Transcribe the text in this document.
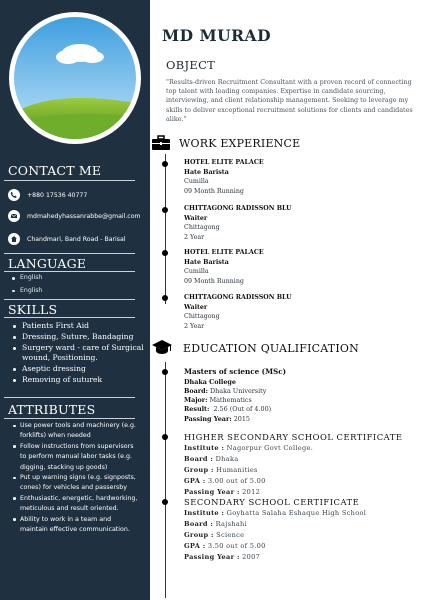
CONTACT ME
+880 17536 40777
mdmahedyhassanrabbe@gmail.com
Chandmari, Band Road - Barisal
LANGUAGE
English
English
SKILLS
Patients First Aid
Dressing, Suture, Bandaging
Surgery ward - care of Surgical wound, Positioning.
Aseptic dressing
Removing of suturek
ATTRIBUTES
Use power tools and machinery (e.g. forklifts) when needed
Follow instructions from supervisors to perform manual labor tasks (e.g. digging, stacking up goods)
Put up warning signs (e.g. signposts, cones) for vehicles and passersby
Enthusiastic, energetic, hardworking, meticulous and result oriented.
Ability to work in a team and maintain effective communication.
MD MURAD
OBJECT
"Results-driven Recruitment Consultant with a proven record of connecting top talent with leading companies. Expertise in candidate sourcing, interviewing, and client relationship management. Seeking to leverage my skills to deliver exceptional recruitment solutions for clients and candidates alike."
WORK EXPERIENCE
HOTEL ELITE PALACE
Hate Barista
Cumilla
09 Month Running
CHITTAGONG RADISSON BLU
Waiter
Chittagong
2 Year
HOTEL ELITE PALACE
Hate Barista
Cumilla
09 Month Running
CHITTAGONG RADISSON BLU
Waiter
Chittagong
2 Year
EDUCATION QUALIFICATION
Masters of science (MSc)
Dhaka College
Board: Dhaka University
Major: Mathematics
Result: 2.56 (Out of 4.00)
Passing Year: 2015
HIGHER SECONDARY SCHOOL CERTIFICATE
Institute : Nagorpur Govt College.
Board : Dhaka
Group : Humanities
GPA : 3.00 out of 5.00
Passing Year : 2012
SECONDARY SCHOOL CERTIFICATE
Institute : Goyhatta Salaha Eshaque High School
Board : Rajshahi
Group : Science
GPA : 3.50 out of 5.00
Passing Year : 2007
